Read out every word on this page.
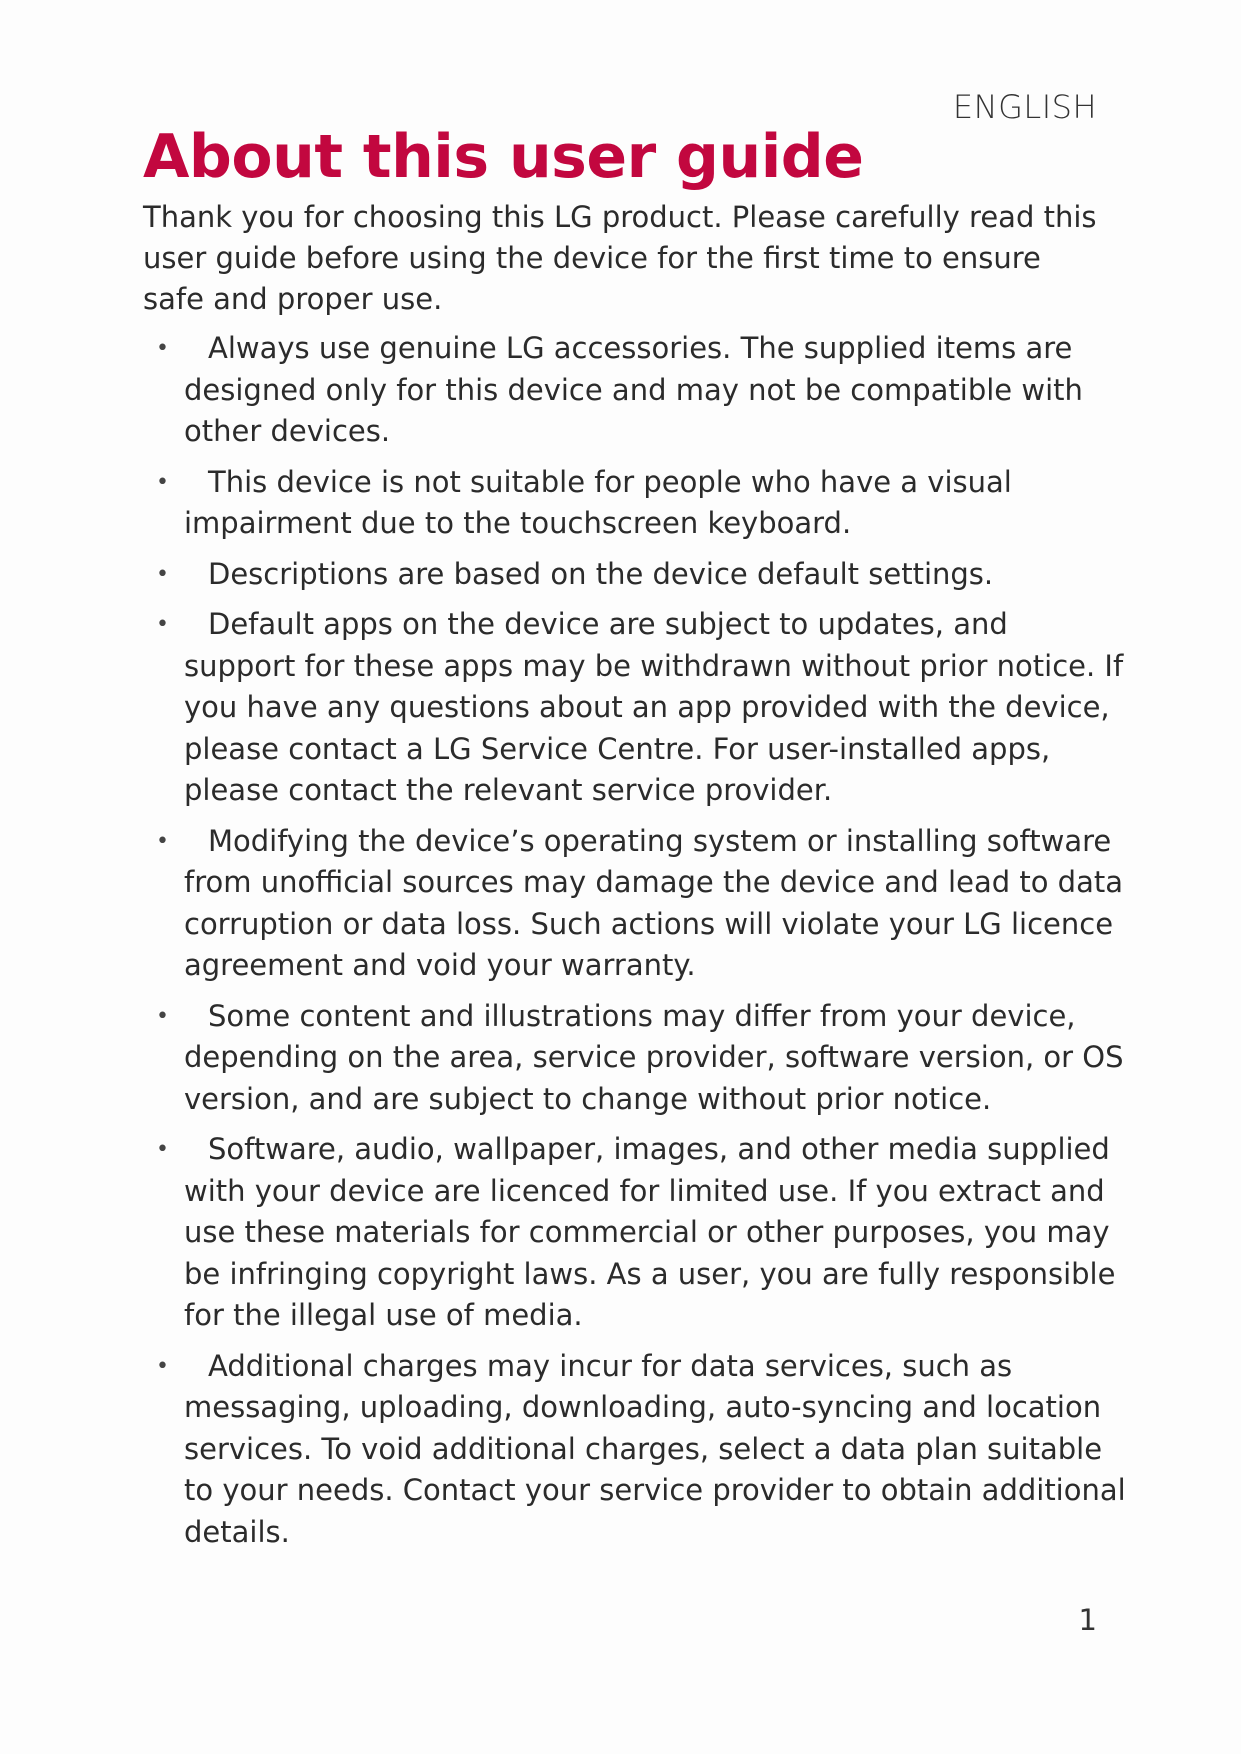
ENGLISH
About this user guide

Thank you for choosing this LG product. Please carefully read this user guide before using the device for the first time to ensure safe and proper use.

•	Always use genuine LG accessories. The supplied items are designed only for this device and may not be compatible with other devices.
•	This device is not suitable for people who have a visual impairment due to the touchscreen keyboard.
•	Descriptions are based on the device default settings.
•	Default apps on the device are subject to updates, and support for these apps may be withdrawn without prior notice. If you have any questions about an app provided with the device, please contact a LG Service Centre. For user-installed apps, please contact the relevant service provider.
•	Modifying the device’s operating system or installing software from unofficial sources may damage the device and lead to data corruption or data loss. Such actions will violate your LG licence agreement and void your warranty.
•	Some content and illustrations may differ from your device, depending on the area, service provider, software version, or OS version, and are subject to change without prior notice.
•	Software, audio, wallpaper, images, and other media supplied with your device are licenced for limited use. If you extract and use these materials for commercial or other purposes, you may be infringing copyright laws. As a user, you are fully responsible for the illegal use of media.
•	Additional charges may incur for data services, such as messaging, uploading, downloading, auto-syncing and location services. To void additional charges, select a data plan suitable to your needs. Contact your service provider to obtain additional details.
1
